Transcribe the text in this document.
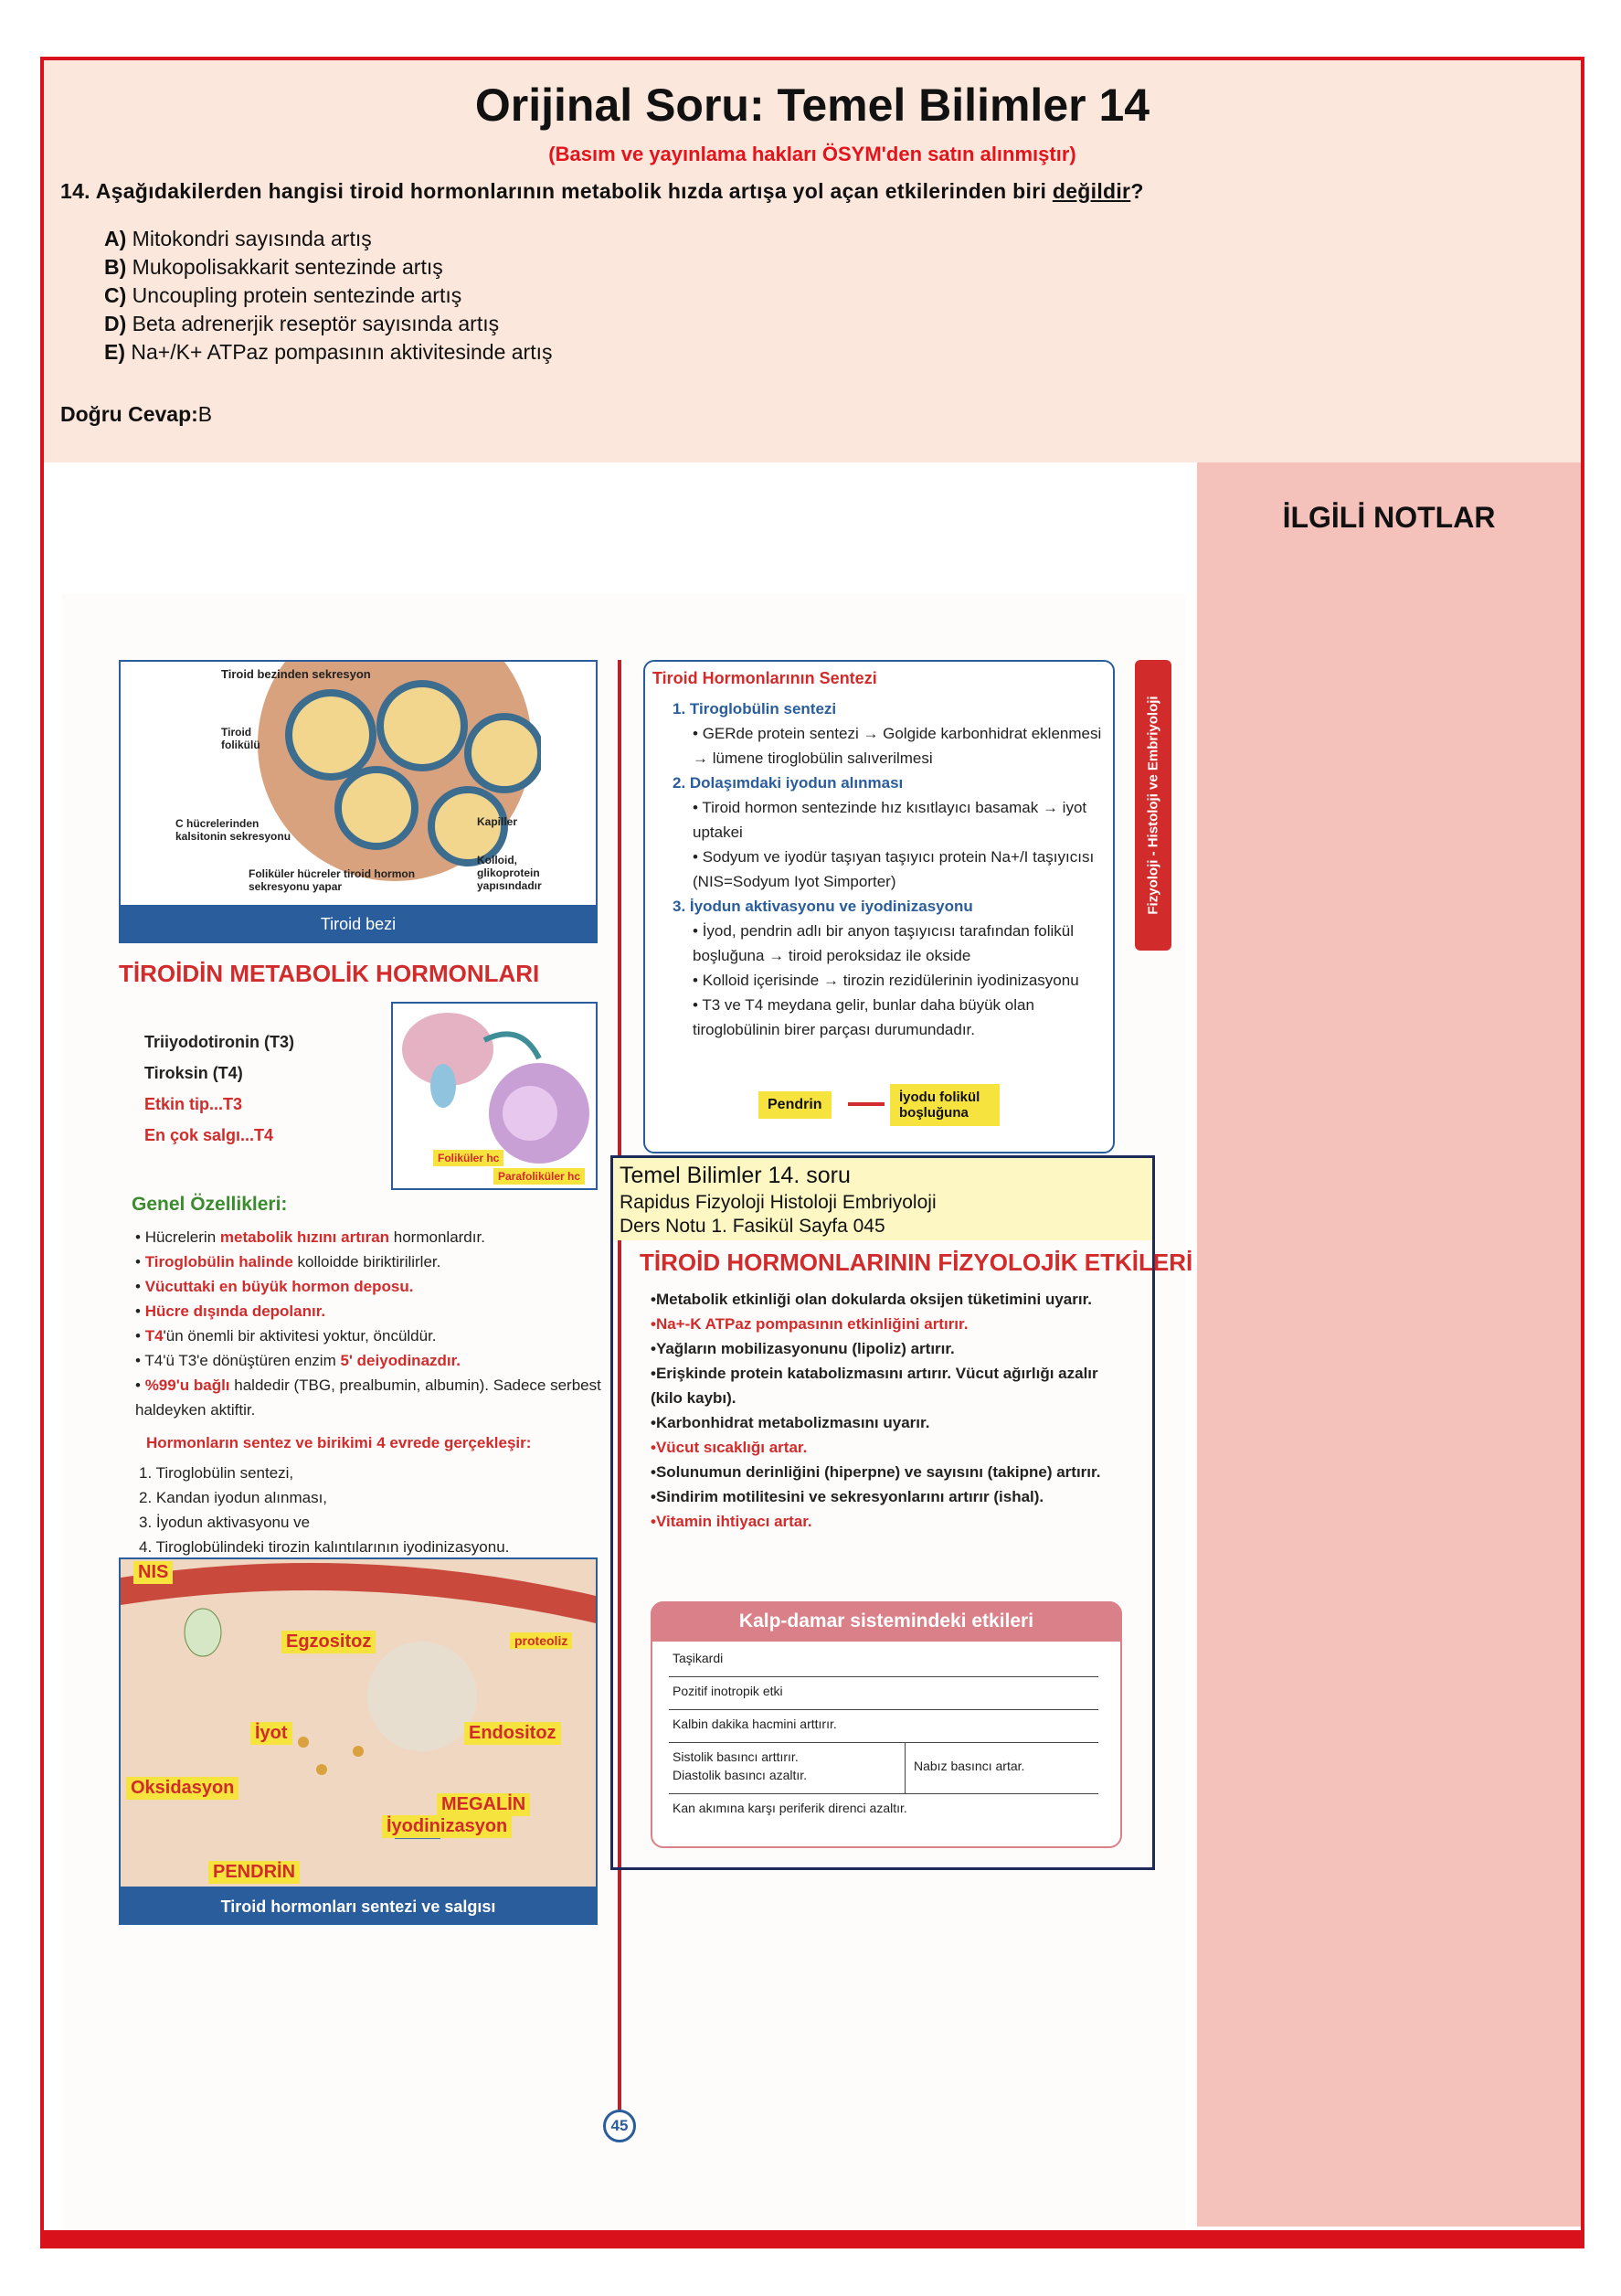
Orijinal Soru: Temel Bilimler 14
(Basım ve yayınlama hakları ÖSYM'den satın alınmıştır)
14. Aşağıdakilerden hangisi tiroid hormonlarının metabolik hızda artışa yol açan etkilerinden biri değildir?
A) Mitokondri sayısında artış
B) Mukopolisakkarit sentezinde artış
C) Uncoupling protein sentezinde artış
D) Beta adrenerjik reseptör sayısında artış
E) Na+/K+ ATPaz pompasının aktivitesinde artış
Doğru Cevap:B
İLGİLİ NOTLAR
Tiroid bezinden sekresyon
Tiroid folikülü
C hücrelerinden kalsitonin sekresyonu
Kapiller
Kolloid, glikoprotein yapısındadır
Foliküler hücreler tiroid hormon sekresyonu yapar
Tiroid bezi
TİROİDİN METABOLİK HORMONLARI
Triiyodotironin (T3)
Tiroksin (T4)
Etkin tip...T3
En çok salgı...T4
Foliküler hc
Parafoliküler hc
Genel Özellikleri:
• Hücrelerin metabolik hızını artıran hormonlardır.
• Tiroglobülin halinde kolloidde biriktirilirler.
• Vücuttaki en büyük hormon deposu.
• Hücre dışında depolanır.
• T4'ün önemli bir aktivitesi yoktur, öncüldür.
• T4'ü T3'e dönüştüren enzim 5' deiyodinazdır.
• %99'u bağlı haldedir (TBG, prealbumin, albumin). Sadece serbest haldeyken aktiftir.
Hormonların sentez ve birikimi 4 evrede gerçekleşir:
1. Tiroglobülin sentezi,
2. Kandan iyodun alınması,
3. İyodun aktivasyonu ve
4. Tiroglobülindeki tirozin kalıntılarının iyodinizasyonu.
NIS
Egzositoz
İyot
Oksidasyon
Endositoz
MEGALİN
İyodinizasyon
PENDRİN
proteoliz
Tiroid hormonları sentezi ve salgısı
Tiroid Hormonlarının Sentezi
1. Tiroglobülin sentezi
• GERde protein sentezi → Golgide karbonhidrat eklenmesi → lümene tiroglobülin salıverilmesi
2. Dolaşımdaki iyodun alınması
• Tiroid hormon sentezinde hız kısıtlayıcı basamak → iyot uptakei
• Sodyum ve iyodür taşıyan taşıyıcı protein Na+/I taşıyıcısı (NIS=Sodyum Iyot Simporter)
3. İyodun aktivasyonu ve iyodinizasyonu
• İyod, pendrin adlı bir anyon taşıyıcısı tarafından folikül boşluğuna → tiroid peroksidaz ile okside
• Kolloid içerisinde → tirozin rezidülerinin iyodinizasyonu
• T3 ve T4 meydana gelir, bunlar daha büyük olan tiroglobülinin birer parçası durumundadır.
Pendrin	İyodu folikül boşluğuna
Fizyoloji - Histoloji ve Embriyoloji
45
Temel Bilimler 14. soru
Rapidus Fizyoloji Histoloji Embriyoloji
Ders Notu 1. Fasikül Sayfa 045
TİROİD HORMONLARININ FİZYOLOJİK ETKİLERİ
•Metabolik etkinliği olan dokularda oksijen tüketimini uyarır.
•Na+-K ATPaz pompasının etkinliğini artırır.
•Yağların mobilizasyonunu (lipoliz) artırır.
•Erişkinde protein katabolizmasını artırır. Vücut ağırlığı azalır (kilo kaybı).
•Karbonhidrat metabolizmasını uyarır.
•Vücut sıcaklığı artar.
•Solunumun derinliğini (hiperpne) ve sayısını (takipne) artırır.
•Sindirim motilitesini ve sekresyonlarını artırır (ishal).
•Vitamin ihtiyacı artar.
Kalp-damar sistemindeki etkileri
Taşikardi
Pozitif inotropik etki
Kalbin dakika hacmini arttırır.
Sistolik basıncı arttırır.
Diastolik basıncı azaltır.
Nabız basıncı artar.
Kan akımına karşı periferik direnci azaltır.
